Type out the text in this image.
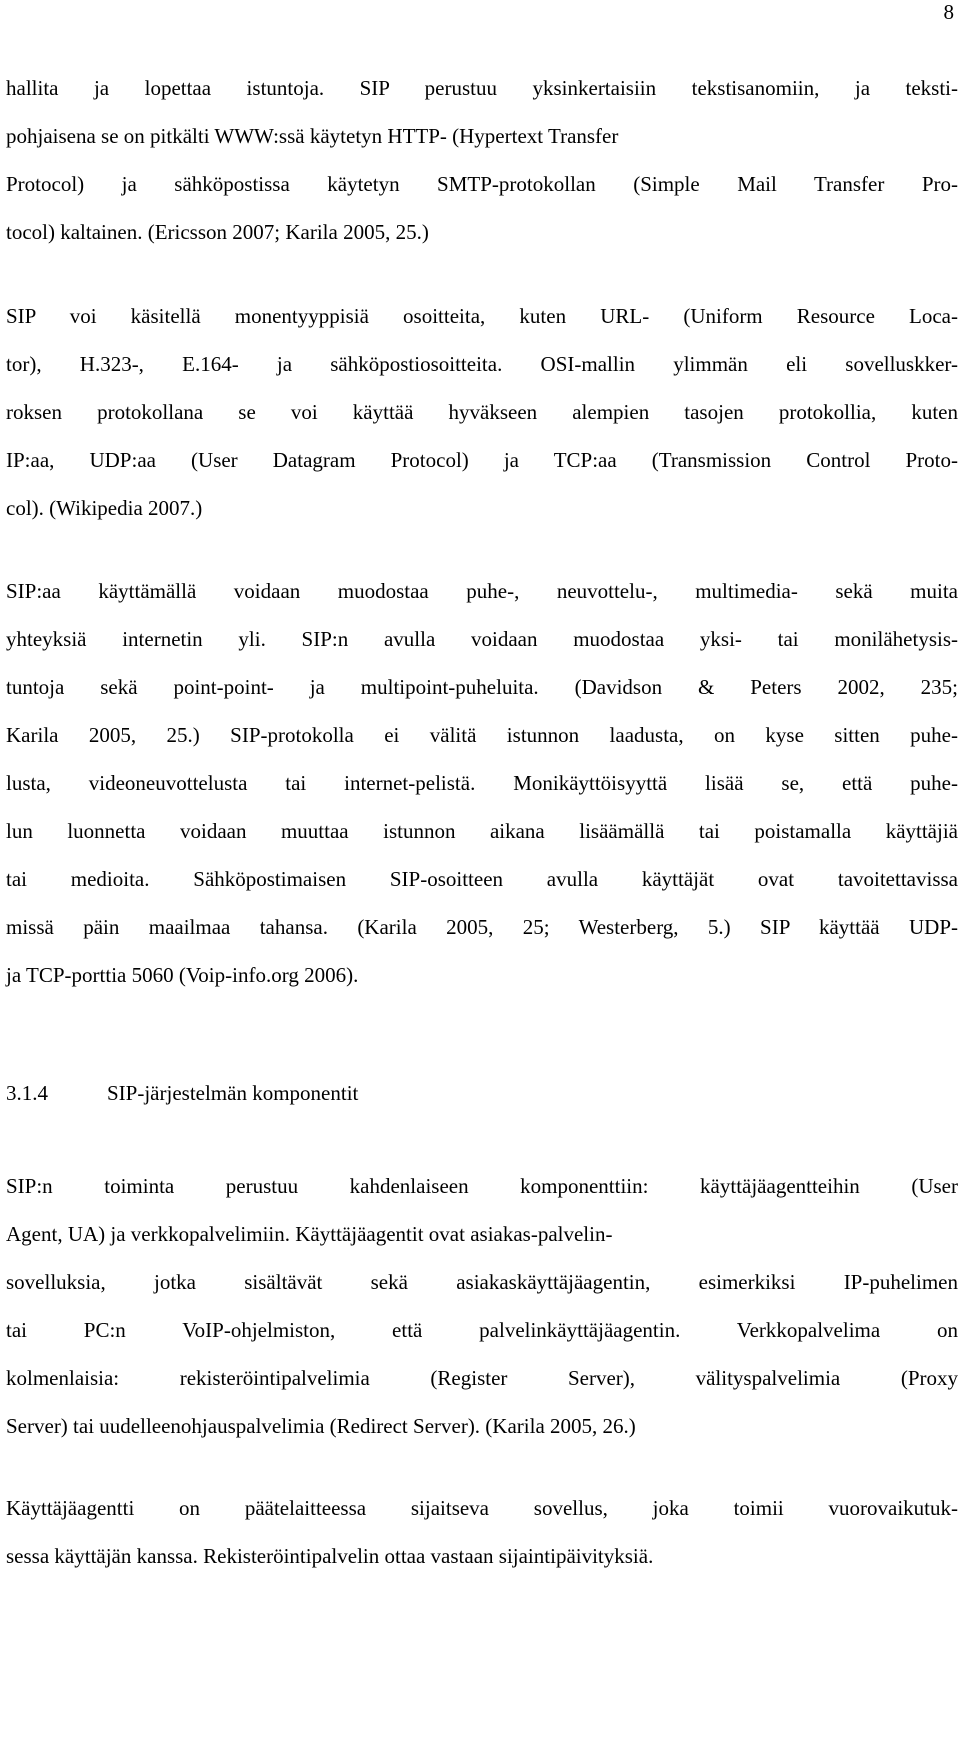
8
hallita ja lopettaa istuntoja. SIP perustuu yksinkertaisiin tekstisanomiin, ja teksti-
pohjaisena se on pitkälti WWW:ssä käytetyn HTTP- (Hypertext Transfer
Protocol) ja sähköpostissa käytetyn SMTP-protokollan (Simple Mail Transfer Pro-
tocol) kaltainen. (Ericsson 2007; Karila 2005, 25.)
SIP voi käsitellä monentyyppisiä osoitteita, kuten URL- (Uniform Resource Loca-
tor), H.323-, E.164- ja sähköpostiosoitteita. OSI-mallin ylimmän eli sovelluskker-
roksen protokollana se voi käyttää hyväkseen alempien tasojen protokollia, kuten
IP:aa, UDP:aa (User Datagram Protocol) ja TCP:aa (Transmission Control Proto-
col). (Wikipedia 2007.)
SIP:aa käyttämällä voidaan muodostaa puhe-, neuvottelu-, multimedia- sekä muita
yhteyksiä internetin yli. SIP:n avulla voidaan muodostaa yksi- tai monilähetysis-
tuntoja sekä point-point- ja multipoint-puheluita. (Davidson & Peters 2002, 235;
Karila 2005, 25.) SIP-protokolla ei välitä istunnon laadusta, on kyse sitten puhe-
lusta, videoneuvottelusta tai internet-pelistä. Monikäyttöisyyttä lisää se, että puhe-
lun luonnetta voidaan muuttaa istunnon aikana lisäämällä tai poistamalla käyttäjiä
tai medioita. Sähköpostimaisen SIP-osoitteen avulla käyttäjät ovat tavoitettavissa
missä päin maailmaa tahansa. (Karila 2005, 25; Westerberg, 5.) SIP käyttää UDP-
ja TCP-porttia 5060 (Voip-info.org 2006).
3.1.4	SIP-järjestelmän komponentit
SIP:n toiminta perustuu kahdenlaiseen komponenttiin: käyttäjäagentteihin (User
Agent, UA) ja verkkopalvelimiin. Käyttäjäagentit ovat asiakas-palvelin-
sovelluksia, jotka sisältävät sekä asiakaskäyttäjäagentin, esimerkiksi IP-puhelimen
tai PC:n VoIP-ohjelmiston, että palvelinkäyttäjäagentin. Verkkopalvelima on
kolmenlaisia: rekisteröintipalvelimia (Register Server), välityspalvelimia (Proxy
Server) tai uudelleenohjauspalvelimia (Redirect Server). (Karila 2005, 26.)
Käyttäjäagentti on päätelaitteessa sijaitseva sovellus, joka toimii vuorovaikutuk-
sessa käyttäjän kanssa. Rekisteröintipalvelin ottaa vastaan sijaintipäivityksiä.
